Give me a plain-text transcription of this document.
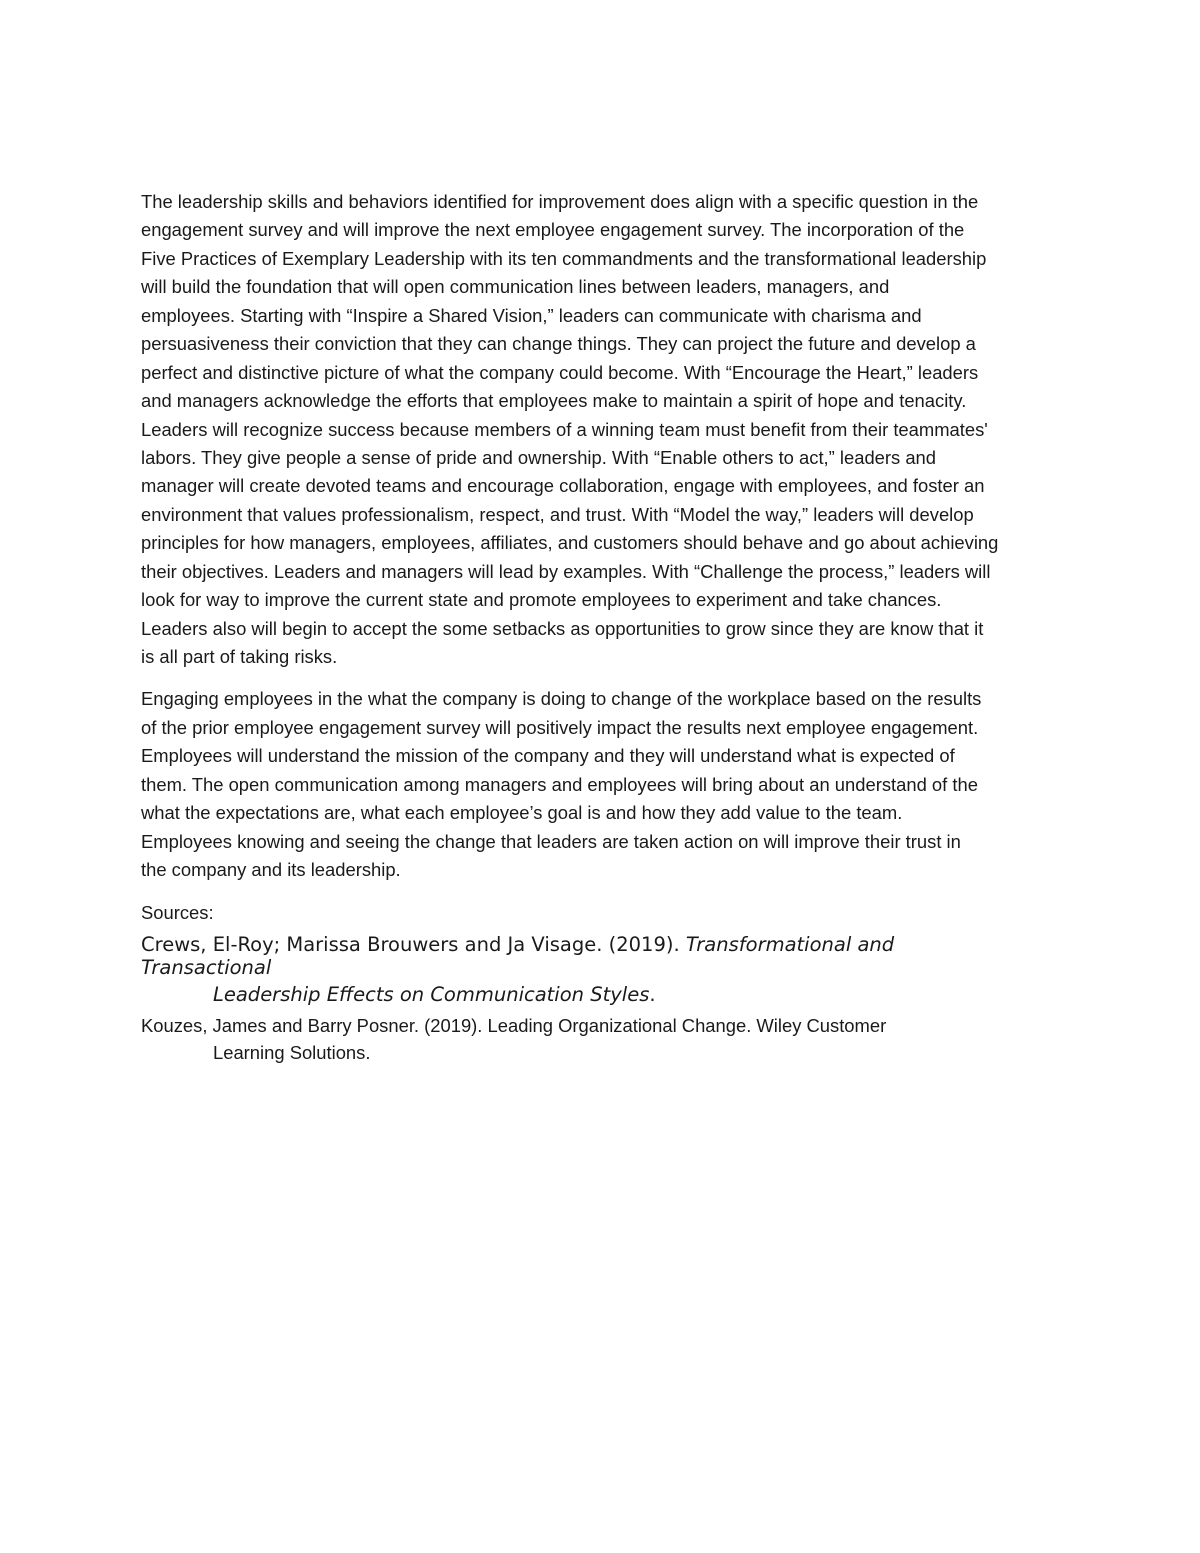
The leadership skills and behaviors identified for improvement does align with a specific question in the
engagement survey and will improve the next employee engagement survey. The incorporation of the
Five Practices of Exemplary Leadership with its ten commandments and the transformational leadership
will build the foundation that will open communication lines between leaders, managers, and
employees. Starting with “Inspire a Shared Vision,” leaders can communicate with charisma and
persuasiveness their conviction that they can change things. They can project the future and develop a
perfect and distinctive picture of what the company could become. With “Encourage the Heart,” leaders
and managers acknowledge the efforts that employees make to maintain a spirit of hope and tenacity.
Leaders will recognize success because members of a winning team must benefit from their teammates'
labors. They give people a sense of pride and ownership. With “Enable others to act,” leaders and
manager will create devoted teams and encourage collaboration, engage with employees, and foster an
environment that values professionalism, respect, and trust. With “Model the way,” leaders will develop
principles for how managers, employees, affiliates, and customers should behave and go about achieving
their objectives. Leaders and managers will lead by examples. With “Challenge the process,” leaders will
look for way to improve the current state and promote employees to experiment and take chances.
Leaders also will begin to accept the some setbacks as opportunities to grow since they are know that it
is all part of taking risks.
Engaging employees in the what the company is doing to change of the workplace based on the results
of the prior employee engagement survey will positively impact the results next employee engagement.
Employees will understand the mission of the company and they will understand what is expected of
them. The open communication among managers and employees will bring about an understand of the
what the expectations are, what each employee’s goal is and how they add value to the team.
Employees knowing and seeing the change that leaders are taken action on will improve their trust in
the company and its leadership.
Sources:
Crews, El-Roy; Marissa Brouwers and Ja Visage. (2019). Transformational and
Transactional
Leadership Effects on Communication Styles.
Kouzes, James and Barry Posner. (2019). Leading Organizational Change. Wiley Customer
Learning Solutions.
